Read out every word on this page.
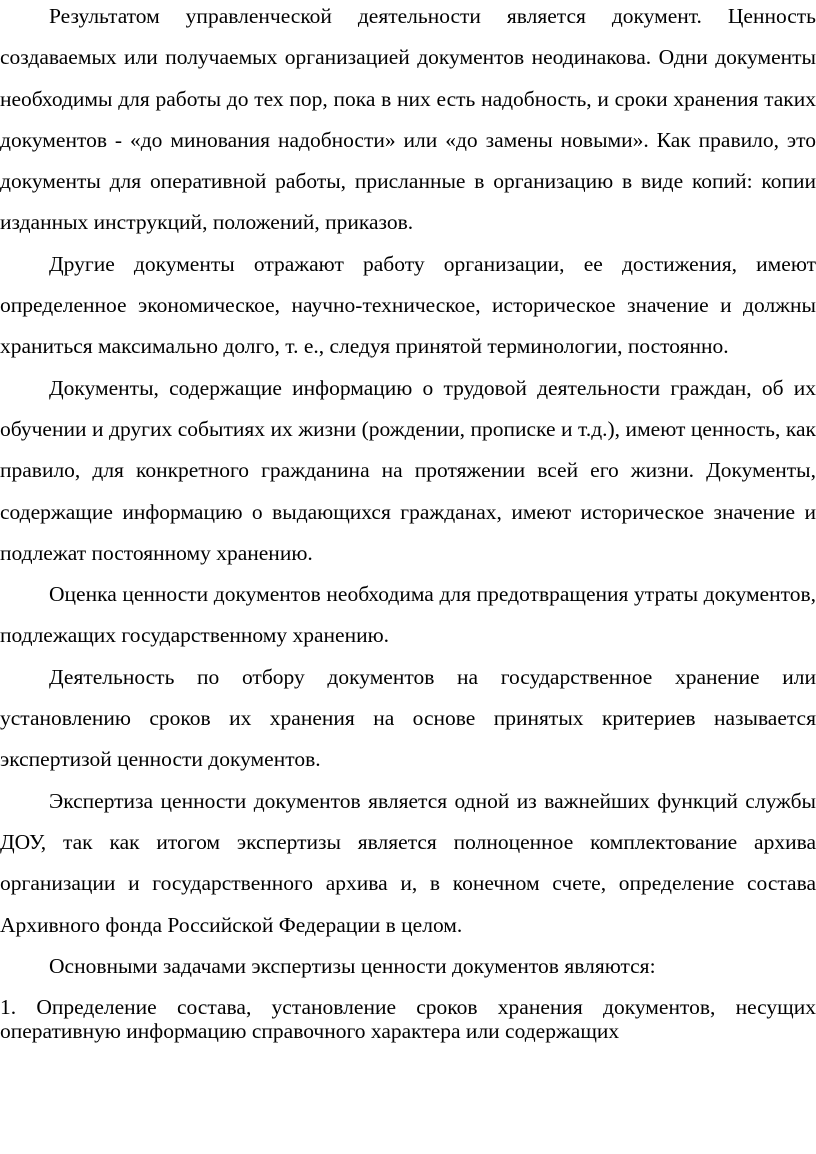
Результатом управленческой деятельности является документ. Ценность создаваемых или получаемых организацией документов неодинакова. Одни документы необходимы для работы до тех пор, пока в них есть надобность, и сроки хранения таких документов - «до минования надобности» или «до замены новыми». Как правило, это документы для оперативной работы, присланные в организацию в виде копий: копии изданных инструкций, положений, приказов.

Другие документы отражают работу организации, ее достижения, имеют определенное экономическое, научно-техническое, историческое значение и должны храниться максимально долго, т. е., следуя принятой терминологии, постоянно.

Документы, содержащие информацию о трудовой деятельности граждан, об их обучении и других событиях их жизни (рождении, прописке и т.д.), имеют ценность, как правило, для конкретного гражданина на протяжении всей его жизни. Документы, содержащие информацию о выдающихся гражданах, имеют историческое значение и подлежат постоянному хранению.

Оценка ценности документов необходима для предотвращения утраты документов, подлежащих государственному хранению.

Деятельность по отбору документов на государственное хранение или установлению сроков их хранения на основе принятых критериев называется экспертизой ценности документов.

Экспертиза ценности документов является одной из важнейших функций службы ДОУ, так как итогом экспертизы является полноценное комплектование архива организации и государственного архива и, в конечном счете, определение состава Архивного фонда Российской Федерации в целом.

Основными задачами экспертизы ценности документов являются:

1. Определение состава, установление сроков хранения документов, несущих
оперативную информацию справочного характера или содержащих
